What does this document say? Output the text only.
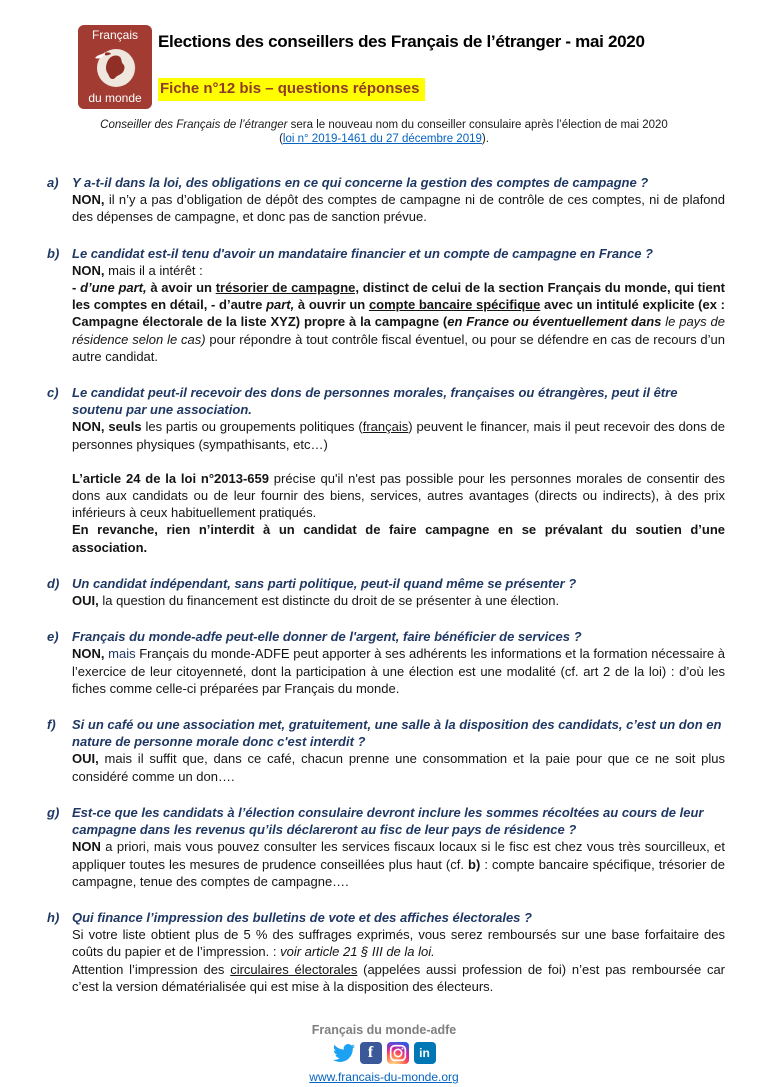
Français
du monde
Elections des conseillers des Français de l’étranger - mai 2020
Fiche n°12 bis – questions réponses
Conseiller des Français de l’étranger sera le nouveau nom du conseiller consulaire après l’élection de mai 2020
(loi n° 2019-1461 du 27 décembre 2019).
a) Y a-t-il dans la loi, des obligations en ce qui concerne la gestion des comptes de campagne ?
NON, il n’y a pas d’obligation de dépôt des comptes de campagne ni de contrôle de ces comptes, ni de plafond des dépenses de campagne, et donc pas de sanction prévue.
b) Le candidat est-il tenu d'avoir un mandataire financier et un compte de campagne en France ?
NON, mais il a intérêt :
- d’une part, à avoir un trésorier de campagne, distinct de celui de la section Français du monde, qui tient les comptes en détail, - d’autre part, à ouvrir un compte bancaire spécifique avec un intitulé explicite (ex : Campagne électorale de la liste XYZ) propre à la campagne (en France ou éventuellement dans le pays de résidence selon le cas) pour répondre à tout contrôle fiscal éventuel, ou pour se défendre en cas de recours d’un autre candidat.
c) Le candidat peut-il recevoir des dons de personnes morales, françaises ou étrangères, peut il être soutenu par une association.
NON, seuls les partis ou groupements politiques (français) peuvent le financer, mais il peut recevoir des dons de personnes physiques (sympathisants, etc…)
L’article 24 de la loi n°2013-659 précise qu'il n'est pas possible pour les personnes morales de consentir des dons aux candidats ou de leur fournir des biens, services, autres avantages (directs ou indirects), à des prix inférieurs à ceux habituellement pratiqués.
En revanche, rien n’interdit à un candidat de faire campagne en se prévalant du soutien d’une association.
d) Un candidat indépendant, sans parti politique, peut-il quand même se présenter ?
OUI, la question du financement est distincte du droit de se présenter à une élection.
e) Français du monde-adfe peut-elle donner de l'argent, faire bénéficier de services ?
NON, mais Français du monde-ADFE peut apporter à ses adhérents les informations et la formation nécessaire à l’exercice de leur citoyenneté, dont la participation à une élection est une modalité (cf. art 2 de la loi) : d’où les fiches comme celle-ci préparées par Français du monde.
f) Si un café ou une association met, gratuitement, une salle à la disposition des candidats, c’est un don en nature de personne morale donc c'est interdit ?
OUI, mais il suffit que, dans ce café, chacun prenne une consommation et la paie pour que ce ne soit plus considéré comme un don….
g) Est-ce que les candidats à l’élection consulaire devront inclure les sommes récoltées au cours de leur campagne dans les revenus qu’ils déclareront au fisc de leur pays de résidence ?
NON a priori, mais vous pouvez consulter les services fiscaux locaux si le fisc est chez vous très sourcilleux, et appliquer toutes les mesures de prudence conseillées plus haut (cf. b) : compte bancaire spécifique, trésorier de campagne, tenue des comptes de campagne….
h) Qui finance l’impression des bulletins de vote et des affiches électorales ?
Si votre liste obtient plus de 5 % des suffrages exprimés, vous serez remboursés sur une base forfaitaire des coûts du papier et de l’impression. : voir article 21 § III de la loi.
Attention l’impression des circulaires électorales (appelées aussi profession de foi) n’est pas remboursée car c’est la version dématérialisée qui est mise à la disposition des électeurs.
Français du monde-adfe
f	in
www.francais-du-monde.org
